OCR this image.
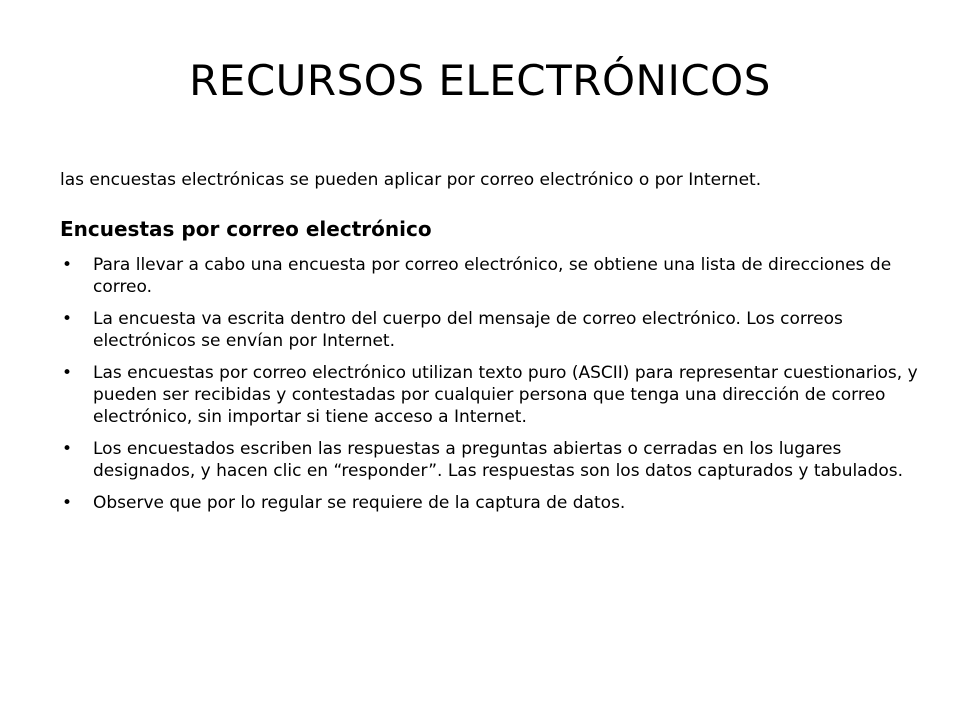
RECURSOS ELECTRÓNICOS

las encuestas electrónicas se pueden aplicar por correo electrónico o por Internet.

Encuestas por correo electrónico

• Para llevar a cabo una encuesta por correo electrónico, se obtiene una lista de direcciones de correo.
• La encuesta va escrita dentro del cuerpo del mensaje de correo electrónico. Los correos electrónicos se envían por Internet.
• Las encuestas por correo electrónico utilizan texto puro (ASCII) para representar cuestionarios, y pueden ser recibidas y contestadas por cualquier persona que tenga una dirección de correo electrónico, sin importar si tiene acceso a Internet.
• Los encuestados escriben las respuestas a preguntas abiertas o cerradas en los lugares designados, y hacen clic en “responder”. Las respuestas son los datos capturados y tabulados.
• Observe que por lo regular se requiere de la captura de datos.
